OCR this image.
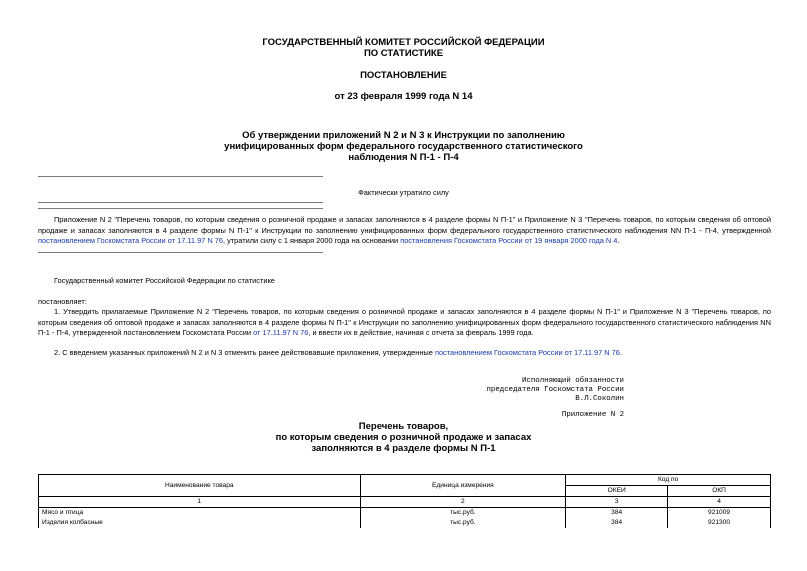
ГОСУДАРСТВЕННЫЙ КОМИТЕТ РОССИЙСКОЙ ФЕДЕРАЦИИ
ПО СТАТИСТИКЕ
ПОСТАНОВЛЕНИЕ
от 23 февраля 1999 года N 14
Об утверждении приложений N 2 и N 3 к Инструкции по заполнению
унифицированных форм федерального государственного статистического
наблюдения N П-1 - П-4
Фактически утратило силу
Приложение N 2 "Перечень товаров, по которым сведения о розничной продаже и запасах заполняются в 4 разделе формы N П-1" и Приложение N 3 "Перечень товаров, по которым сведения об оптовой продаже и запасах заполняются в 4 разделе формы N П-1" к Инструкции по заполнению унифицированных форм федерального государственного статистического наблюдения NN П-1 - П-4, утвержденной постановлением Госкомстата России от 17.11.97 N 76, утратили силу с 1 января 2000 года на основании постановления Госкомстата России от 19 января 2000 года N 4.
Государственный комитет Российской Федерации по статистике
постановляет:
1. Утвердить прилагаемые Приложение N 2 "Перечень товаров, по которым сведения о розничной продаже и запасах заполняются в 4 разделе формы N П-1" и Приложение N 3 "Перечень товаров, по которым сведения об оптовой продаже и запасах заполняются в 4 разделе формы N П-1" к Инструкции по заполнению унифицированных форм федерального государственного статистического наблюдения NN П-1 - П-4, утвержденной постановлением Госкомстата России от 17.11.97 N 76, и ввести их в действие, начиная с отчета за февраль 1999 года.
2. С введением указанных приложений N 2 и N 3 отменить ранее действовавшие приложения, утвержденные постановлением Госкомстата России от 17.11.97 N 76.
Исполняющий обязанности
председателя Госкомстата России
В.Л.Соколин
Приложение N 2
Перечень товаров,
по которым сведения о розничной продаже и запасах
заполняются в 4 разделе формы N П-1
Наименование товара	Единица измерения	Код по	
		ОКЕИ	ОКП
1	2	3	4
Мясо и птица	тыс.руб.	384	921009
Изделия колбасные	тыс.руб.	384	921300
